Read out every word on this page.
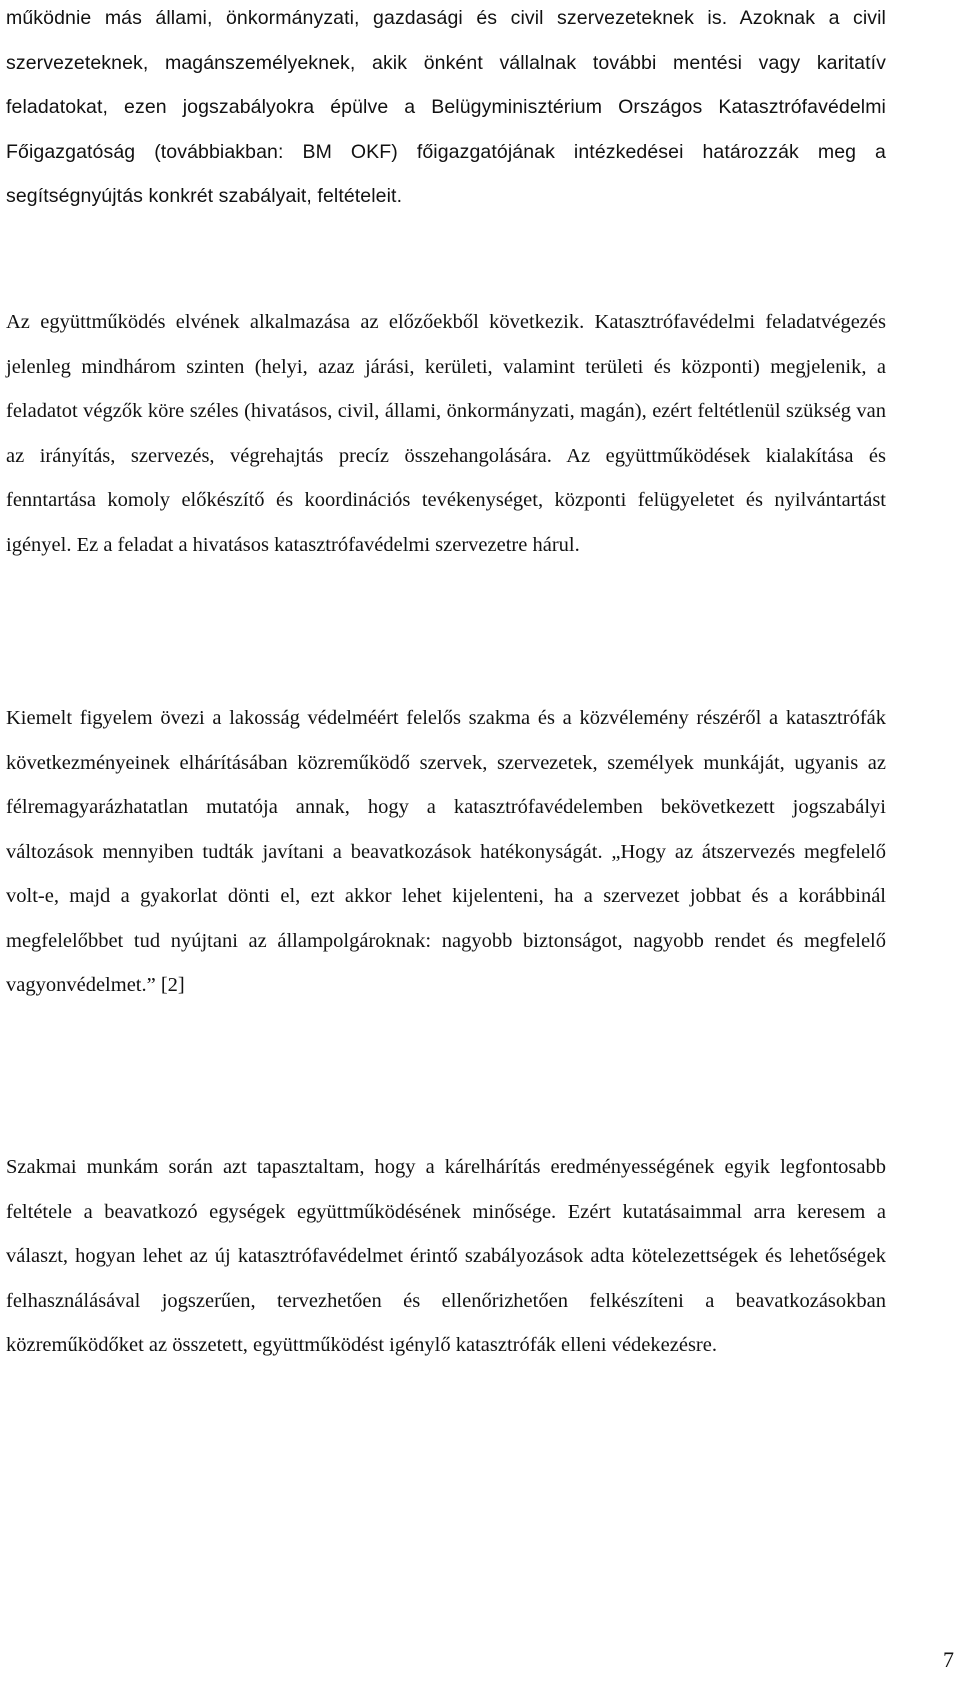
működnie más állami, önkormányzati, gazdasági és civil szervezeteknek is. Azoknak a civil szervezeteknek, magánszemélyeknek, akik önként vállalnak további mentési vagy karitatív feladatokat, ezen jogszabályokra épülve a Belügyminisztérium Országos Katasztrófavédelmi Főigazgatóság (továbbiakban: BM OKF) főigazgatójának intézkedései határozzák meg a segítségnyújtás konkrét szabályait, feltételeit.

Az együttműködés elvének alkalmazása az előzőekből következik. Katasztrófavédelmi feladatvégezés jelenleg mindhárom szinten (helyi, azaz járási, kerületi, valamint területi és központi) megjelenik, a feladatot végzők köre széles (hivatásos, civil, állami, önkormányzati, magán), ezért feltétlenül szükség van az irányítás, szervezés, végrehajtás precíz összehangolására. Az együttműködések kialakítása és fenntartása komoly előkészítő és koordinációs tevékenységet, központi felügyeletet és nyilvántartást igényel. Ez a feladat a hivatásos katasztrófavédelmi szervezetre hárul.

Kiemelt figyelem övezi a lakosság védelméért felelős szakma és a közvélemény részéről a katasztrófák következményeinek elhárításában közreműködő szervek, szervezetek, személyek munkáját, ugyanis az félremagyarázhatatlan mutatója annak, hogy a katasztrófavédelemben bekövetkezett jogszabályi változások mennyiben tudták javítani a beavatkozások hatékonyságát. „Hogy az átszervezés megfelelő volt-e, majd a gyakorlat dönti el, ezt akkor lehet kijelenteni, ha a szervezet jobbat és a korábbinál megfelelőbbet tud nyújtani az állampolgároknak: nagyobb biztonságot, nagyobb rendet és megfelelő vagyonvédelmet.” [2]

Szakmai munkám során azt tapasztaltam, hogy a kárelhárítás eredményességének egyik legfontosabb feltétele a beavatkozó egységek együttműködésének minősége. Ezért kutatásaimmal arra keresem a választ, hogyan lehet az új katasztrófavédelmet érintő szabályozások adta kötelezettségek és lehetőségek felhasználásával jogszerűen, tervezhetően és ellenőrizhetően felkészíteni a beavatkozásokban közreműködőket az összetett, együttműködést igénylő katasztrófák elleni védekezésre.

7
